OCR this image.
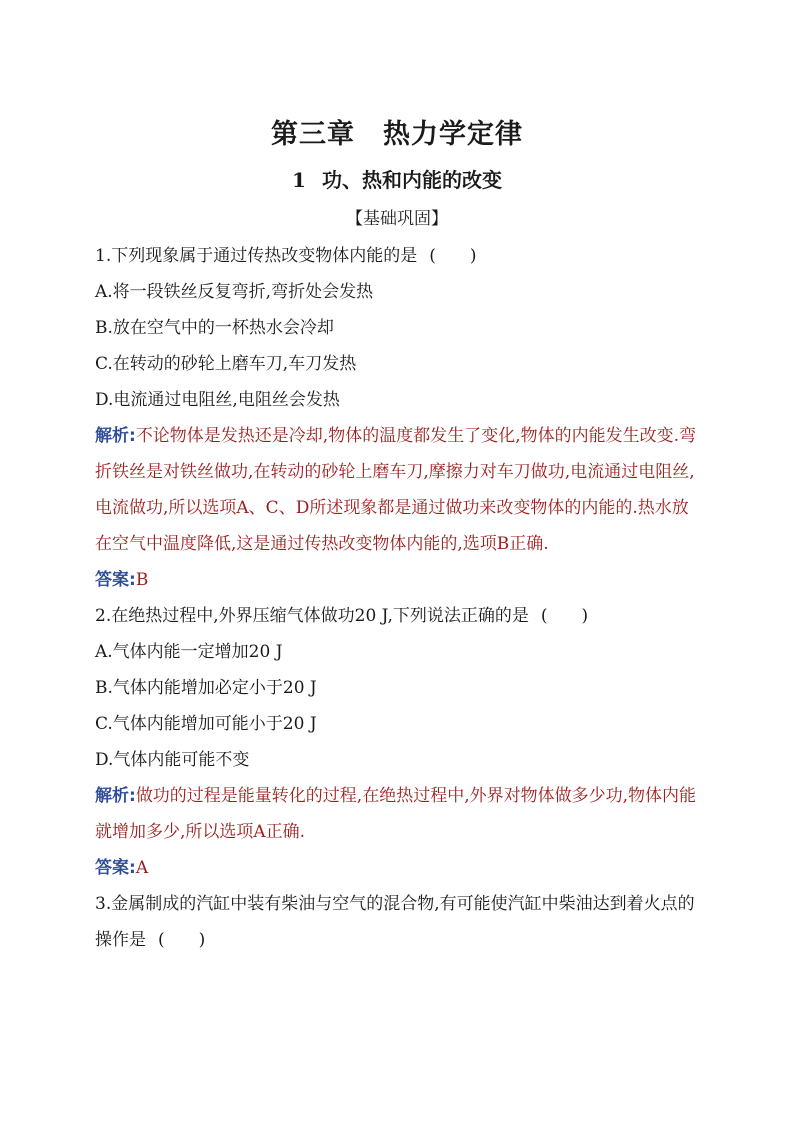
第三章　热力学定律
1 功、热和内能的改变
【基础巩固】

1.下列现象属于通过传热改变物体内能的是 (　　)

A.将一段铁丝反复弯折,弯折处会发热

B.放在空气中的一杯热水会冷却

C.在转动的砂轮上磨车刀,车刀发热

D.电流通过电阻丝,电阻丝会发热

解析:不论物体是发热还是冷却,物体的温度都发生了变化,物体的内能发生改变.弯折铁丝是对铁丝做功,在转动的砂轮上磨车刀,摩擦力对车刀做功,电流通过电阻丝,电流做功,所以选项A、C、D所述现象都是通过做功来改变物体的内能的.热水放在空气中温度降低,这是通过传热改变物体内能的,选项B正确.

答案:B

2.在绝热过程中,外界压缩气体做功20 J,下列说法正确的是 (　　)

A.气体内能一定增加20 J

B.气体内能增加必定小于20 J

C.气体内能增加可能小于20 J

D.气体内能可能不变

解析:做功的过程是能量转化的过程,在绝热过程中,外界对物体做多少功,物体内能就增加多少,所以选项A正确.

答案:A

3.金属制成的汽缸中装有柴油与空气的混合物,有可能使汽缸中柴油达到着火点的操作是 (　　)
